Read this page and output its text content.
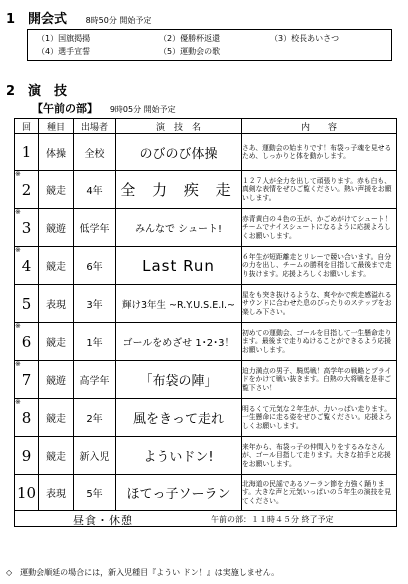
1　開会式 8時50分 開始予定
（1）国旗掲揚	（2）優勝杯返還	（3）校長あいさつ
（4）選手宣誓	（5）運動会の歌
2　演　技
【午前の部】 9時05分 開始予定
回	種目	出場者	演　技　名	内　　容

1	体操	全校	のびのび体操	さあ、運動会の始まりです！布袋っ子魂を見せるため、しっかりと体を動かします。

※
2	競走	4年	全 力 疾 走	１２７人が全力を出して頑張ります。赤も白も、真剣な表情をぜひご覧ください。熱い声援をお願いします。

※
3	競遊	低学年	みんなで シュート!	赤青黄白の４色の玉が、かごめがけてシュート！チームでナイスシュートになるように応援よろしくお願いします。

※
4	競走	6年	Last Run	６年生が短距離走とリレーで競い合います。自分の力を出し、チームの勝利を目指して最後まで走り抜けます。応援よろしくお願いします。

5	表現	3年	輝け3年生 ~R.Y.U.S.E.I.~	星をも突き抜けるような、爽やかで疾走感溢れるサウンドに合わせた息のぴったりのステップをお楽しみ下さい。

※
6	競走	1年	ゴールをめざせ 1･2･3！	初めての運動会、ゴールを目指して一生懸命走ります。最後まで走りぬけることができるよう応援お願いします。

※
7	競遊	高学年	「布袋の陣」	迫力満点の男子、騎馬戦！高学年の戦略とプライドをかけて戦い抜きます。白熱の大将戦を是非ご覧下さい！

※
8	競走	2年	風をきって走れ	明るくて元気な２年生が、力いっぱい走ります。一生懸命に走る姿をぜひご覧ください。応援よろしくお願いします。

9	競走	新入児	よういドン!	来年から、布袋っ子の仲間入りをするみなさんが、ゴール目指して走ります。大きな拍手と応援をお願いします。

10	表現	5年	ほてっ子ソーラン	北海道の民謡であるソーラン節を力強く踊ります。大きな声と元気いっぱいの５年生の演技を見てください。

昼食・休憩 午前の部：１１時４５分 終了予定				
◇　運動会順延の場合には，新入児種目『ようい ドン！』は実施しません。
